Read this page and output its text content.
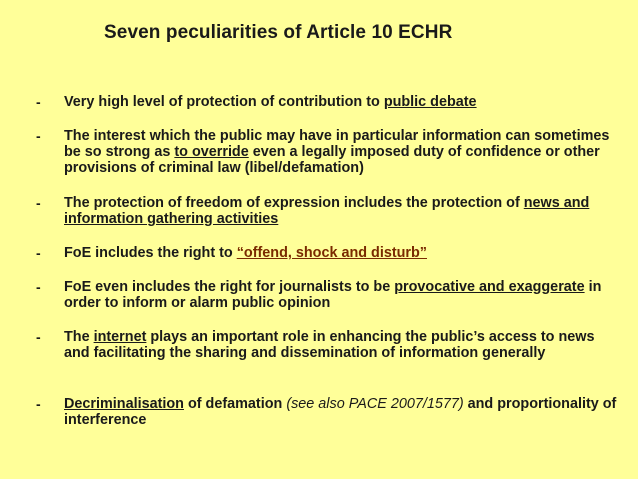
Seven peculiarities of Article 10 ECHR
- Very high level of protection of contribution to public debate
- The interest which the public may have in particular information can sometimes be so strong as to override even a legally imposed duty of confidence or other provisions of criminal law (libel/defamation)
- The protection of freedom of expression includes the protection of news and information gathering activities
- FoE includes the right to “offend, shock and disturb”
- FoE even includes the right for journalists to be provocative and exaggerate in order to inform or alarm public opinion
- The internet plays an important role in enhancing the public’s access to news and facilitating the sharing and dissemination of information generally
- Decriminalisation of defamation (see also PACE 2007/1577) and proportionality of interference
